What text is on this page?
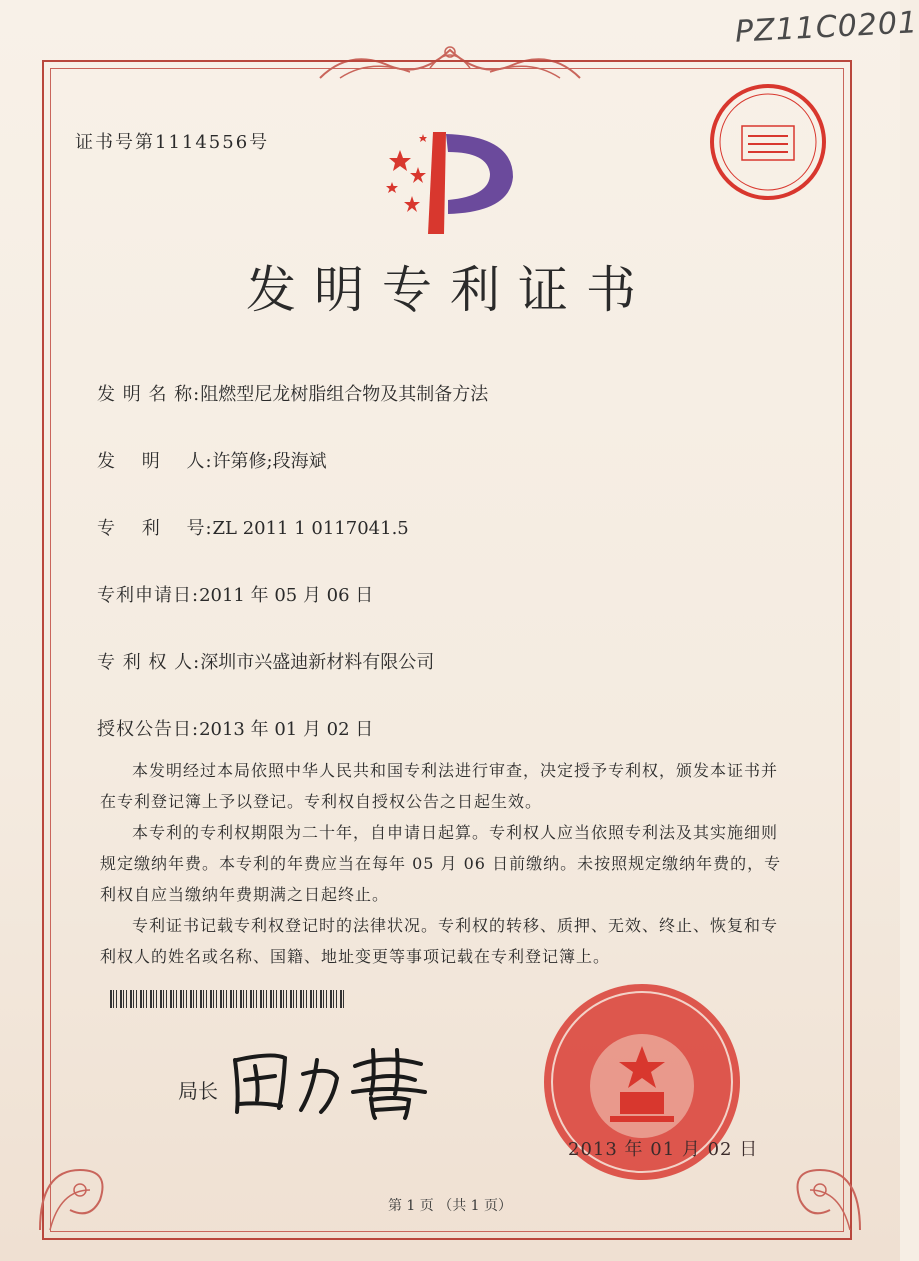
PZ11C0201
证书号第1114556号
发明专利证书
发 明 名 称:阻燃型尼龙树脂组合物及其制备方法
发　 明　 人:许第修;段海斌
专　 利　 号:ZL 2011 1 0117041.5
专利申请日:2011 年 05 月 06 日
专 利 权 人:深圳市兴盛迪新材料有限公司
授权公告日:2013 年 01 月 02 日

本发明经过本局依照中华人民共和国专利法进行审查，决定授予专利权，颁发本证书并在专利登记簿上予以登记。专利权自授权公告之日起生效。

本专利的专利权期限为二十年，自申请日起算。专利权人应当依照专利法及其实施细则规定缴纳年费。本专利的年费应当在每年 05 月 06 日前缴纳。未按照规定缴纳年费的，专利权自应当缴纳年费期满之日起终止。

专利证书记载专利权登记时的法律状况。专利权的转移、质押、无效、终止、恢复和专利权人的姓名或名称、国籍、地址变更等事项记载在专利登记簿上。

局长
2013 年 01 月 02 日
第 1 页 （共 1 页）
